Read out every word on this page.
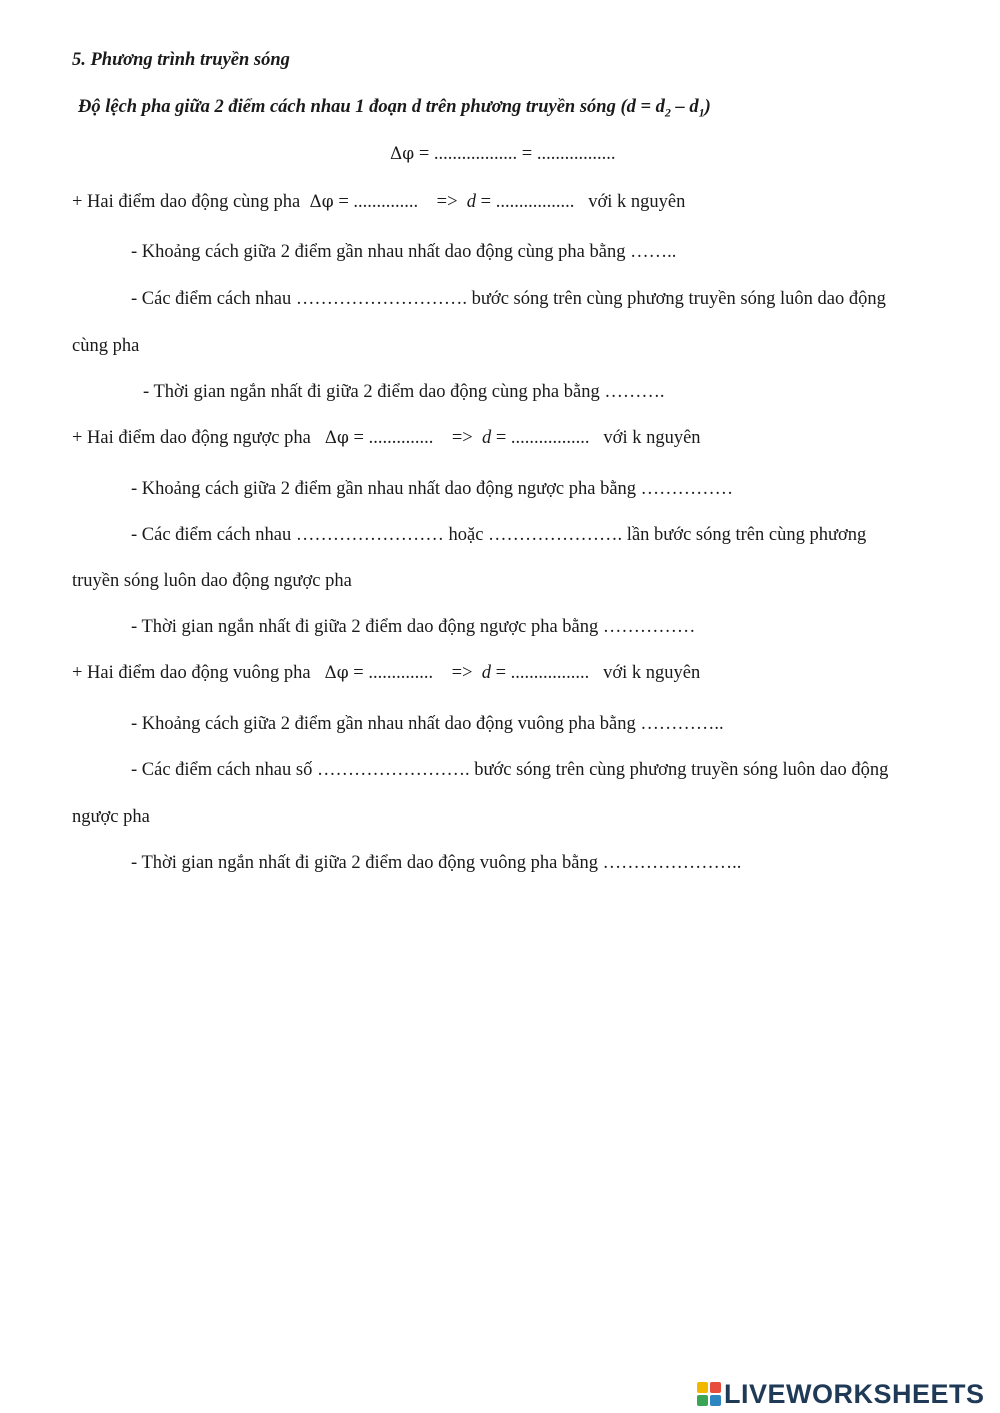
5. Phương trình truyền sóng
Độ lệch pha giữa 2 điểm cách nhau 1 đoạn d trên phương truyền sóng $(d = d_2 - d_1)$
Δφ = .................. = .................
+ Hai điểm dao động cùng pha Δφ = .............. => d = ................. với k nguyên
- Khoảng cách giữa 2 điểm gần nhau nhất dao động cùng pha bằng ……..
- Các điểm cách nhau ………………………. bước sóng trên cùng phương truyền sóng luôn dao động
cùng pha
- Thời gian ngắn nhất đi giữa 2 điểm dao động cùng pha bằng ……….
+ Hai điểm dao động ngược pha Δφ = .............. => d = ................. với k nguyên
- Khoảng cách giữa 2 điểm gần nhau nhất dao động ngược pha bằng ……………
- Các điểm cách nhau …………………… hoặc …………………. lần bước sóng trên cùng phương
truyền sóng luôn dao động ngược pha
- Thời gian ngắn nhất đi giữa 2 điểm dao động ngược pha bằng ……………
+ Hai điểm dao động vuông pha Δφ = .............. => d = ................. với k nguyên
- Khoảng cách giữa 2 điểm gần nhau nhất dao động vuông pha bằng …………..
- Các điểm cách nhau số ……………………. bước sóng trên cùng phương truyền sóng luôn dao động
ngược pha
- Thời gian ngắn nhất đi giữa 2 điểm dao động vuông pha bằng …………………..
LIVEWORKSHEETS
